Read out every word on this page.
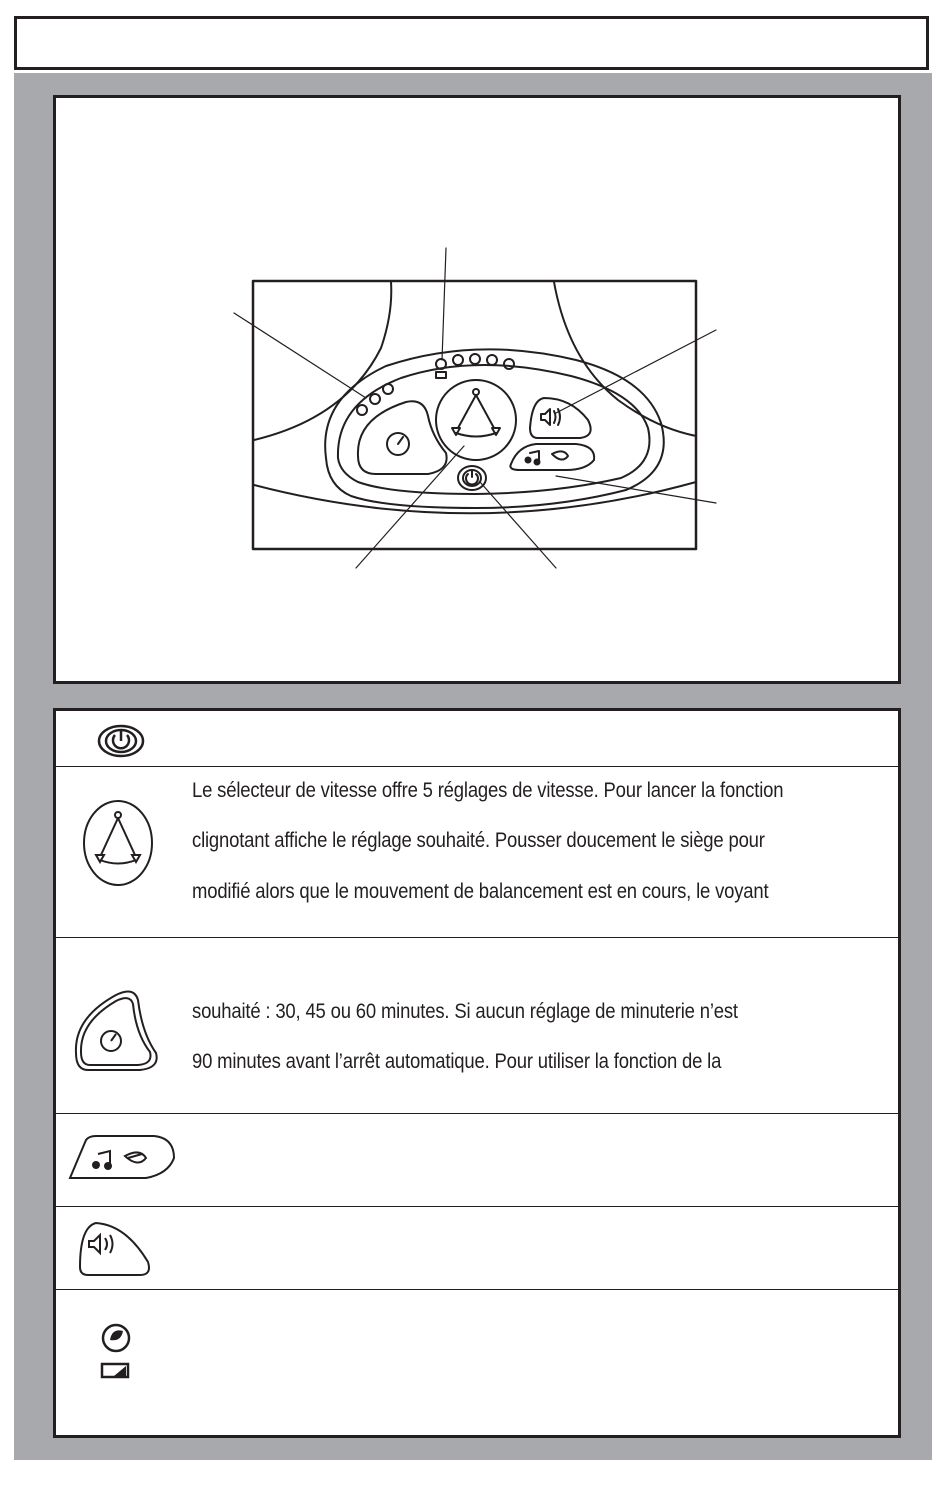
Le sélecteur de vitesse offre 5 réglages de vitesse. Pour lancer la fonction
clignotant affiche le réglage souhaité. Pousser doucement le siège pour
modifié alors que le mouvement de balancement est en cours, le voyant
souhaité : 30, 45 ou 60 minutes. Si aucun réglage de minuterie n’est
90 minutes avant l’arrêt automatique. Pour utiliser la fonction de la
